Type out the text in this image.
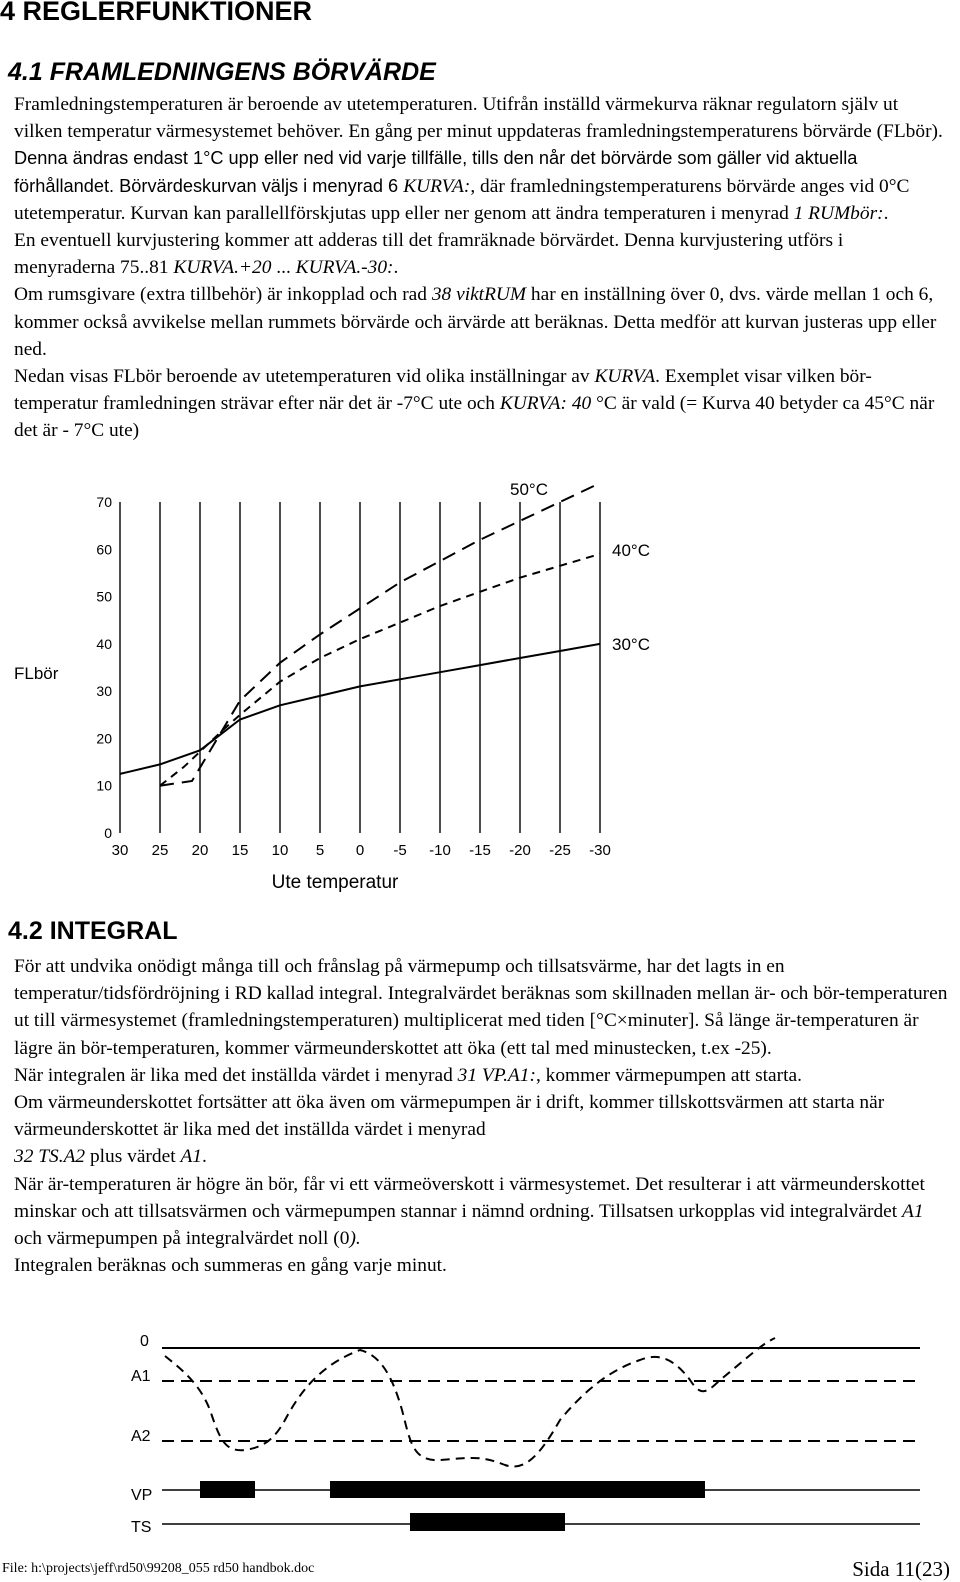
4 REGLERFUNKTIONER
4.1 FRAMLEDNINGENS BÖRVÄRDE

Framledningstemperaturen är beroende av utetemperaturen. Utifrån inställd värmekurva räknar regulatorn själv ut vilken temperatur värmesystemet behöver. En gång per minut uppdateras framledningstemperaturens börvärde (FLbör). Denna ändras endast 1°C upp eller ned vid varje tillfälle, tills den når det börvärde som gäller vid aktuella förhållandet. Börvärdeskurvan väljs i menyrad 6 KURVA:, där framledningstemperaturens börvärde anges vid 0°C utetemperatur. Kurvan kan parallellförskjutas upp eller ner genom att ändra temperaturen i menyrad 1 RUMbör:.

En eventuell kurvjustering kommer att adderas till det framräknade börvärdet. Denna kurvjustering utförs i menyraderna 75..81 KURVA.+20 ... KURVA.-30:.

Om rumsgivare (extra tillbehör) är inkopplad och rad 38 viktRUM har en inställning över 0, dvs. värde mellan 1 och 6, kommer också avvikelse mellan rummets börvärde och ärvärde att beräknas. Detta medför att kurvan justeras upp eller ned.

Nedan visas FLbör beroende av utetemperaturen vid olika inställningar av KURVA. Exemplet visar vilken bör-temperatur framledningen strävar efter när det är -7°C ute och KURVA: 40 °C är vald (= Kurva 40 betyder ca 45°C när det är - 7°C ute)

30 25 20 15 10 5 0 -5 -10 -15 -20 -25 -30
0
10
20
30
40
50
60
70
FLbör
Ute temperatur
50°C
40°C
30°C
4.2 INTEGRAL

För att undvika onödigt många till och frånslag på värmepump och tillsatsvärme, har det lagts in en temperatur/tidsfördröjning i RD kallad integral. Integralvärdet beräknas som skillnaden mellan är- och bör-temperaturen ut till värmesystemet (framledningstemperaturen) multiplicerat med tiden [°C×minuter]. Så länge är-temperaturen är lägre än bör-temperaturen, kommer värmeunderskottet att öka (ett tal med minustecken, t.ex -25).

När integralen är lika med det inställda värdet i menyrad 31 VP.A1:, kommer värmepumpen att starta.

Om värmeunderskottet fortsätter att öka även om värmepumpen är i drift, kommer tillskottsvärmen att starta när värmeunderskottet är lika med det inställda värdet i menyrad
32 TS.A2 plus värdet A1.

När är-temperaturen är högre än bör, får vi ett värmeöverskott i värmesystemet. Det resulterar i att värmeunderskottet minskar och att tillsatsvärmen och värmepumpen stannar i nämnd ordning. Tillsatsen urkopplas vid integralvärdet A1 och värmepumpen på integralvärdet noll (0).

Integralen beräknas och summeras en gång varje minut.

0
A1
A2
VP
TS
File: h:\projects\jeff\rd50\99208_055 rd50 handbok.doc	Sida 11(23)
